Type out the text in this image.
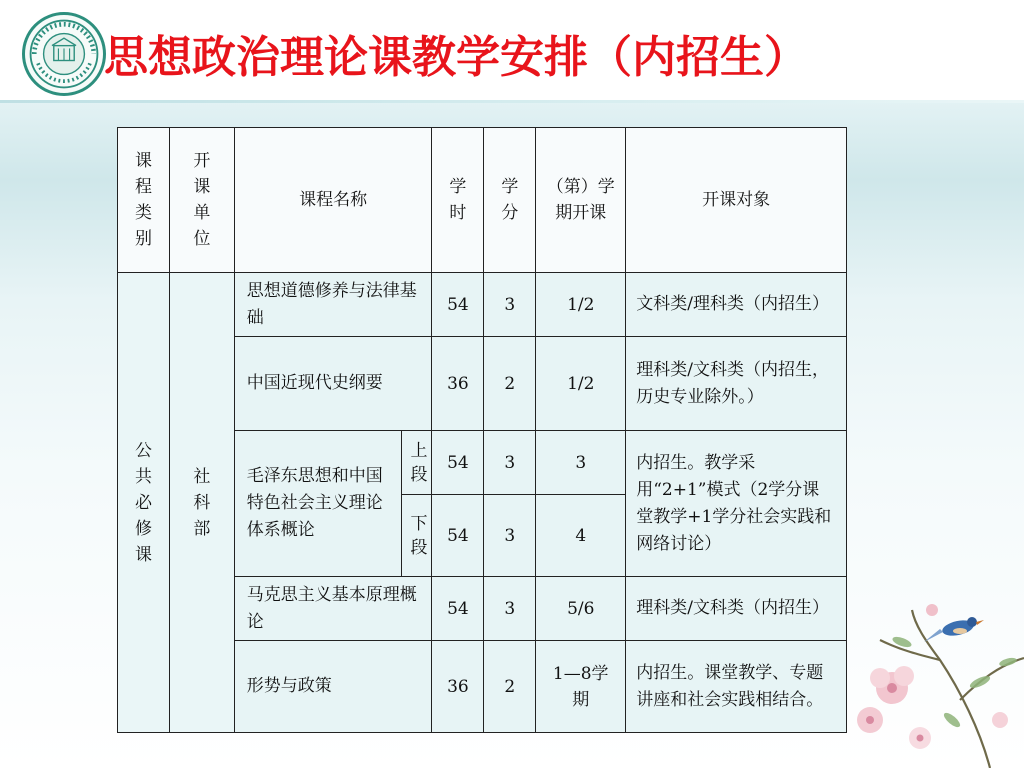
思想政治理论课教学安排（内招生）
课程类别	开课单位	课程名称		学时	学分	（第）学期开课	开课对象

公共必修课	社科部	思想道德修养与法律基础		54	3	1/2	文科类/理科类（内招生）
		中国近现代史纲要		36	2	1/2	理科类/文科类（内招生，历史专业除外。）
		毛泽东思想和中国特色社会主义理论体系概论	上段	54	3	3	内招生。教学采用“2+1”模式（2学分课堂教学+1学分社会实践和网络讨论）

			下段	54	3	4	
		马克思主义基本原理概论		54	3	5/6	理科类/文科类（内招生）
		形势与政策		36	2	1—8学期	内招生。课堂教学、专题讲座和社会实践相结合。
